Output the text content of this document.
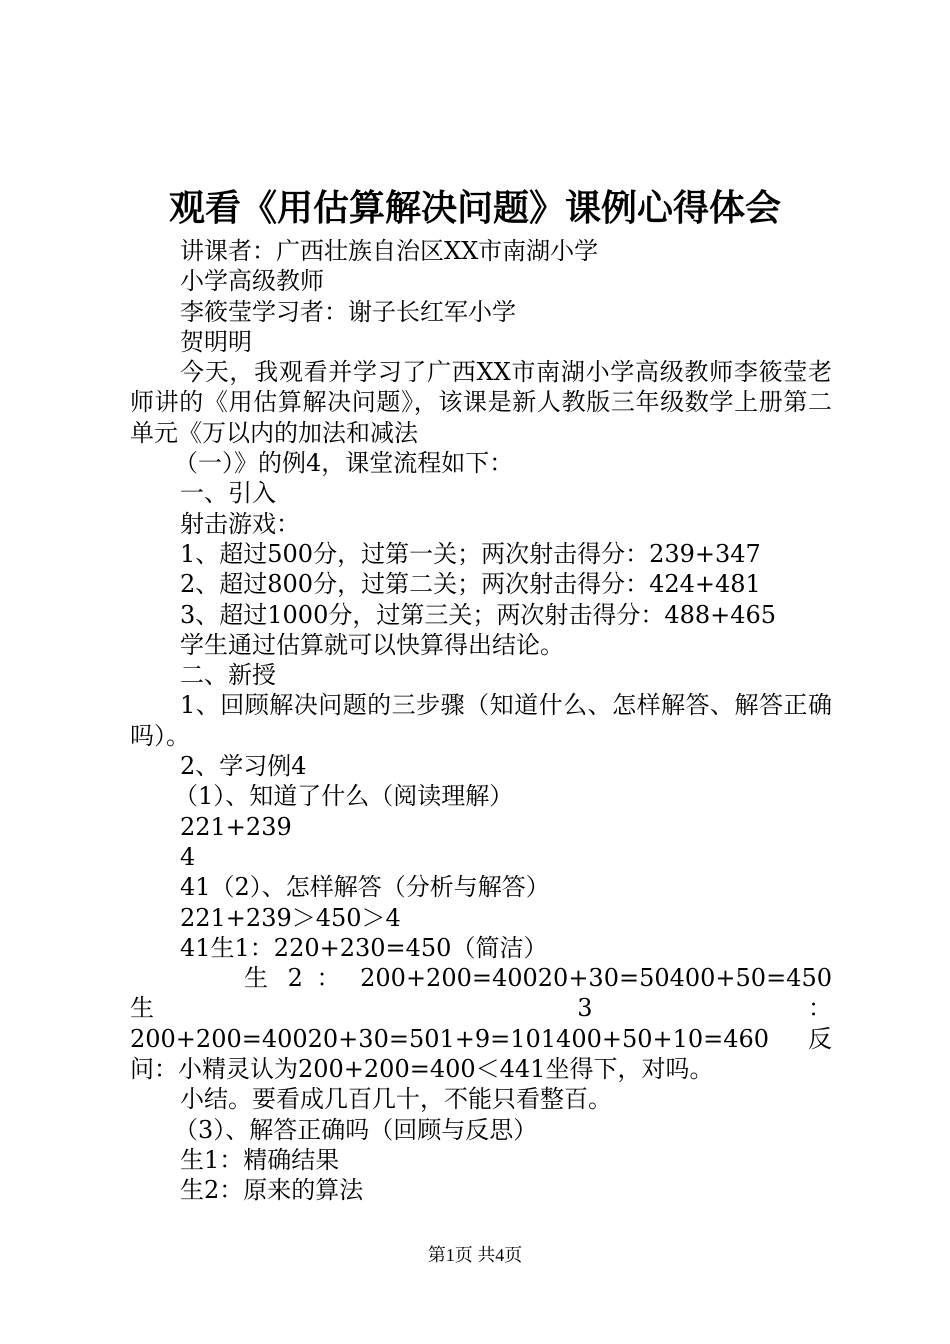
观看《用估算解决问题》课例心得体会
讲课者：广西壮族自治区XX市南湖小学
小学高级教师
李筱莹学习者：谢子长红军小学
贺明明
今天，我观看并学习了广西XX市南湖小学高级教师李筱莹老师讲的《用估算解决问题》，该课是新人教版三年级数学上册第二单元《万以内的加法和减法
（一）》的例4，课堂流程如下：
一、引入
射击游戏：
1、超过500分，过第一关；两次射击得分：239+347
2、超过800分，过第二关；两次射击得分：424+481
3、超过1000分，过第三关；两次射击得分：488+465
学生通过估算就可以快算得出结论。
二、新授
1、回顾解决问题的三步骤（知道什么、怎样解答、解答正确吗）。
2、学习例4
（1）、知道了什么（阅读理解）
221+239
4
41（2）、怎样解答（分析与解答）
221+239＞450＞4
41生1：220+230=450（简洁）
生 2 ： 200+200=40020+30=50400+50=450 生 3 ：200+200=40020+30=501+9=101400+50+10=460反问：小精灵认为200+200=400＜441坐得下，对吗。
小结。要看成几百几十，不能只看整百。
（3）、解答正确吗（回顾与反思）
生1：精确结果
生2：原来的算法
第1页 共4页
